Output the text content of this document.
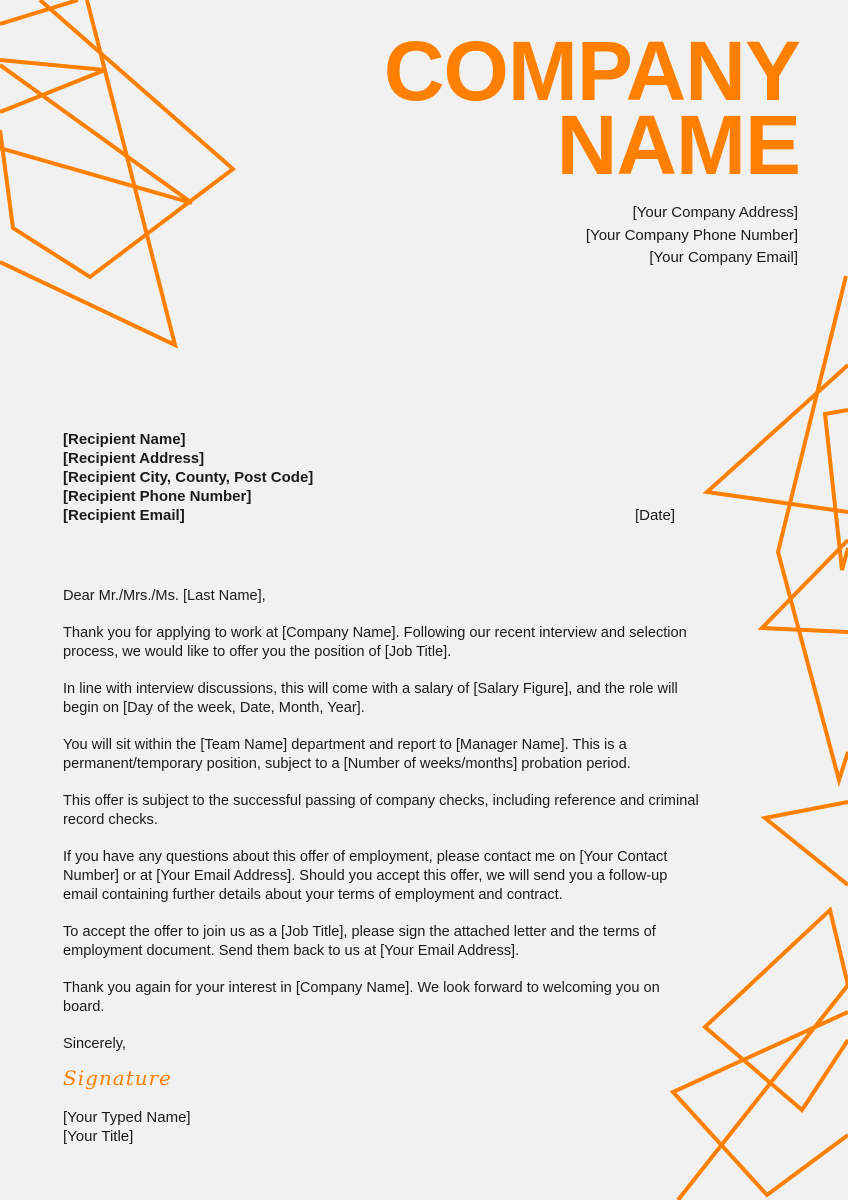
COMPANY
NAME
[Your Company Address]
[Your Company Phone Number]
[Your Company Email]
[Recipient Name]
[Recipient Address]
[Recipient City, County, Post Code]
[Recipient Phone Number]
[Recipient Email]	[Date]
Dear Mr./Mrs./Ms. [Last Name],

Thank you for applying to work at [Company Name]. Following our recent interview and selection process, we would like to offer you the position of [Job Title].

In line with interview discussions, this will come with a salary of [Salary Figure], and the role will begin on [Day of the week, Date, Month, Year].

You will sit within the [Team Name] department and report to [Manager Name]. This is a permanent/temporary position, subject to a [Number of weeks/months] probation period.

This offer is subject to the successful passing of company checks, including reference and criminal record checks.

If you have any questions about this offer of employment, please contact me on [Your Contact Number] or at [Your Email Address]. Should you accept this offer, we will send you a follow-up email containing further details about your terms of employment and contract.

To accept the offer to join us as a [Job Title], please sign the attached letter and the terms of employment document. Send them back to us at [Your Email Address].

Thank you again for your interest in [Company Name]. We look forward to welcoming you on board.

Sincerely,
Signature
[Your Typed Name]
[Your Title]
